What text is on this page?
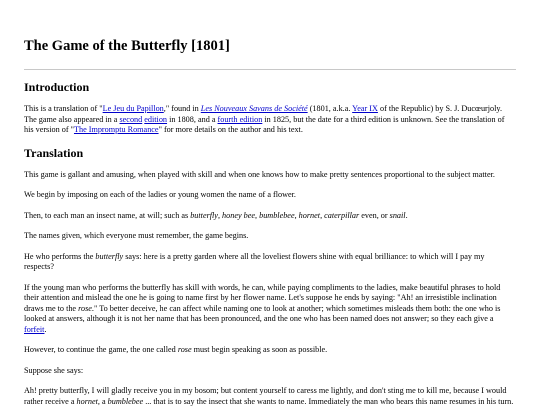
The Game of the Butterfly [1801]
Introduction

This is a translation of "Le Jeu du Papillon," found in Les Nouveaux Savans de Société (1801, a.k.a. Year IX of the Republic) by S. J. Ducœurjoly. The game also appeared in a second edition in 1808, and a fourth edition in 1825, but the date for a third edition is unknown. See the translation of his version of "The Impromptu Romance" for more details on the author and his text.

Translation

This game is gallant and amusing, when played with skill and when one knows how to make pretty sentences proportional to the subject matter.

We begin by imposing on each of the ladies or young women the name of a flower.

Then, to each man an insect name, at will; such as butterfly, honey bee, bumblebee, hornet, caterpillar even, or snail.

The names given, which everyone must remember, the game begins.

He who performs the butterfly says: here is a pretty garden where all the loveliest flowers shine with equal brilliance: to which will I pay my respects?

If the young man who performs the butterfly has skill with words, he can, while paying compliments to the ladies, make beautiful phrases to hold their attention and mislead the one he is going to name first by her flower name. Let's suppose he ends by saying: "Ah! an irresistible inclination draws me to the rose." To better deceive, he can affect while naming one to look at another; which sometimes misleads them both: the one who is looked at answers, although it is not her name that has been pronounced, and the one who has been named does not answer; so they each give a forfeit.

However, to continue the game, the one called rose must begin speaking as soon as possible.

Suppose she says:

Ah! pretty butterfly, I will gladly receive you in my bosom; but content yourself to caress me lightly, and don't sting me to kill me, because I would rather receive a hornet, a bumblebee ... that is to say the insect that she wants to name. Immediately the man who bears this name resumes in his turn.
